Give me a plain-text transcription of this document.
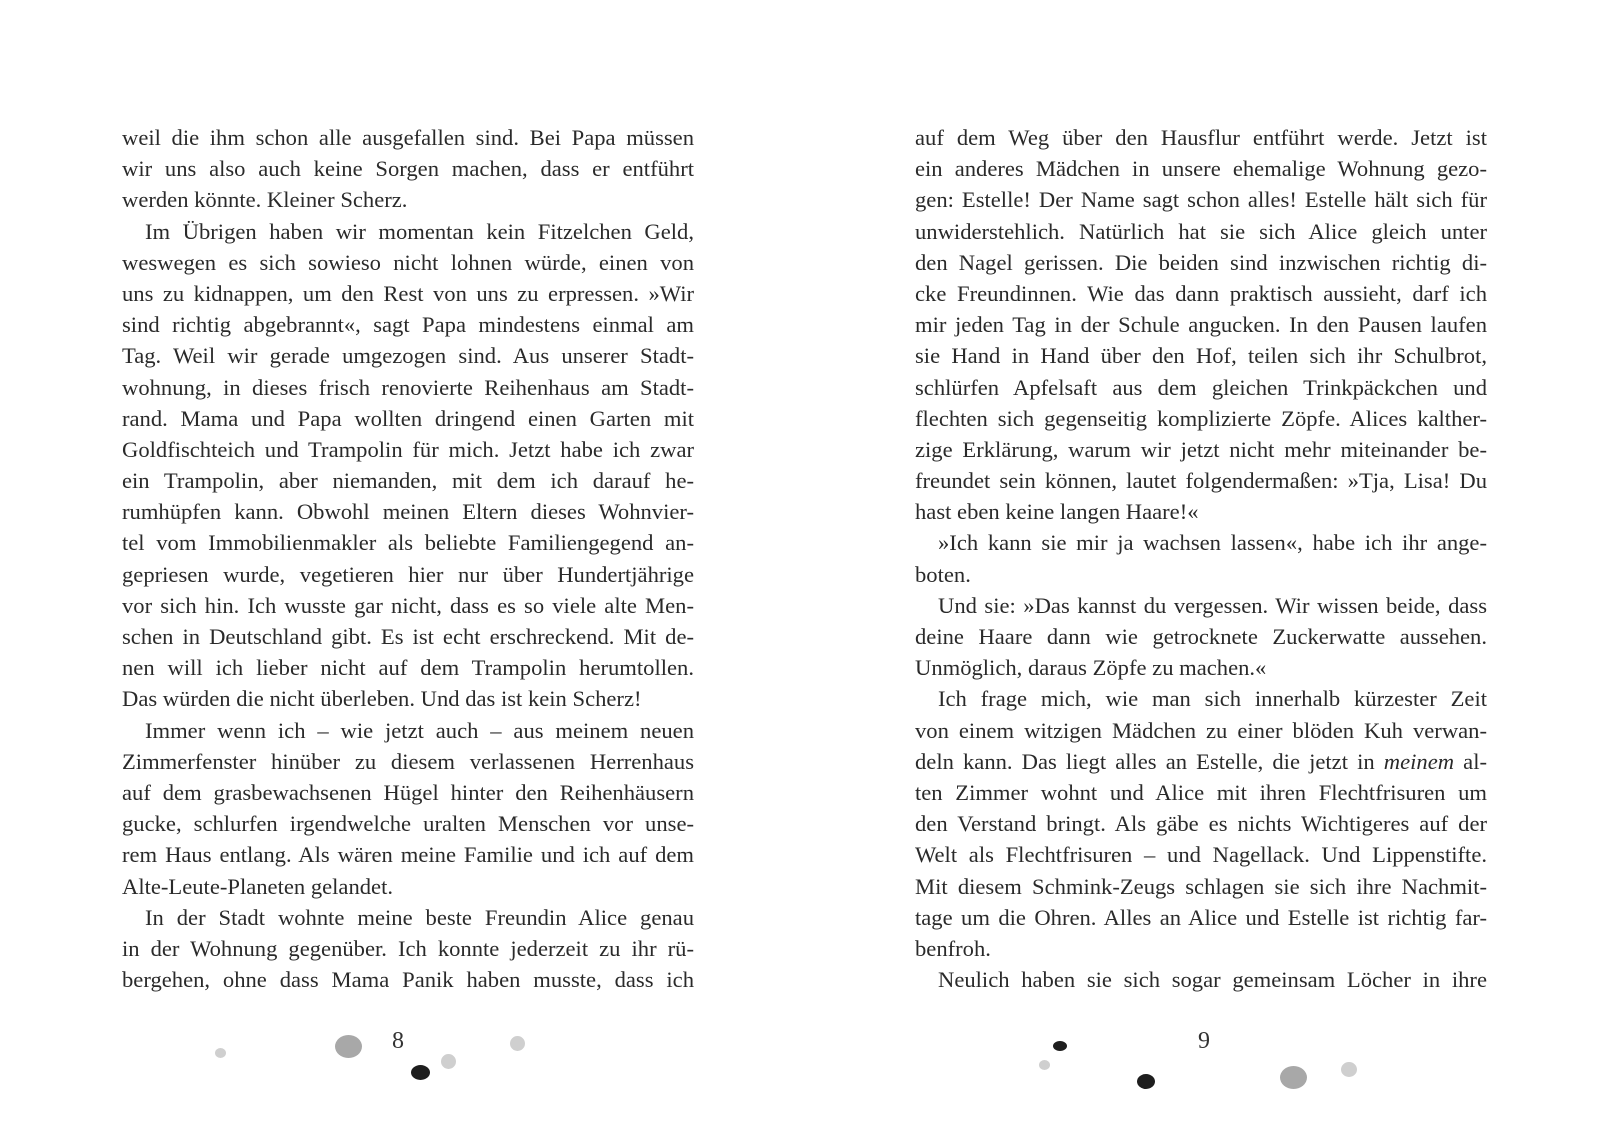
weil die ihm schon alle ausgefallen sind. Bei Papa müssen
wir uns also auch keine Sorgen machen, dass er entführt
werden könnte. Kleiner Scherz.
Im Übrigen haben wir momentan kein Fitzelchen Geld,
weswegen es sich sowieso nicht lohnen würde, einen von
uns zu kidnappen, um den Rest von uns zu erpressen. »Wir
sind richtig abgebrannt«, sagt Papa mindestens einmal am
Tag. Weil wir gerade umgezogen sind. Aus unserer Stadt-
wohnung, in dieses frisch renovierte Reihenhaus am Stadt-
rand. Mama und Papa wollten dringend einen Garten mit
Goldfischteich und Trampolin für mich. Jetzt habe ich zwar
ein Trampolin, aber niemanden, mit dem ich darauf he-
rumhüpfen kann. Obwohl meinen Eltern dieses Wohnvier-
tel vom Immobilienmakler als beliebte Familiengegend an-
gepriesen wurde, vegetieren hier nur über Hundertjährige
vor sich hin. Ich wusste gar nicht, dass es so viele alte Men-
schen in Deutschland gibt. Es ist echt erschreckend. Mit de-
nen will ich lieber nicht auf dem Trampolin herumtollen.
Das würden die nicht überleben. Und das ist kein Scherz!
Immer wenn ich – wie jetzt auch – aus meinem neuen
Zimmerfenster hinüber zu diesem verlassenen Herrenhaus
auf dem grasbewachsenen Hügel hinter den Reihenhäusern
gucke, schlurfen irgendwelche uralten Menschen vor unse-
rem Haus entlang. Als wären meine Familie und ich auf dem
Alte-Leute-Planeten gelandet.
In der Stadt wohnte meine beste Freundin Alice genau
in der Wohnung gegenüber. Ich konnte jederzeit zu ihr rü-
bergehen, ohne dass Mama Panik haben musste, dass ich
auf dem Weg über den Hausflur entführt werde. Jetzt ist
ein anderes Mädchen in unsere ehemalige Wohnung gezo-
gen: Estelle! Der Name sagt schon alles! Estelle hält sich für
unwiderstehlich. Natürlich hat sie sich Alice gleich unter
den Nagel gerissen. Die beiden sind inzwischen richtig di-
cke Freundinnen. Wie das dann praktisch aussieht, darf ich
mir jeden Tag in der Schule angucken. In den Pausen laufen
sie Hand in Hand über den Hof, teilen sich ihr Schulbrot,
schlürfen Apfelsaft aus dem gleichen Trinkpäckchen und
flechten sich gegenseitig komplizierte Zöpfe. Alices kalther-
zige Erklärung, warum wir jetzt nicht mehr miteinander be-
freundet sein können, lautet folgendermaßen: »Tja, Lisa! Du
hast eben keine langen Haare!«
»Ich kann sie mir ja wachsen lassen«, habe ich ihr ange-
boten.
Und sie: »Das kannst du vergessen. Wir wissen beide, dass
deine Haare dann wie getrocknete Zuckerwatte aussehen.
Unmöglich, daraus Zöpfe zu machen.«
Ich frage mich, wie man sich innerhalb kürzester Zeit
von einem witzigen Mädchen zu einer blöden Kuh verwan-
deln kann. Das liegt alles an Estelle, die jetzt in meinem al-
ten Zimmer wohnt und Alice mit ihren Flechtfrisuren um
den Verstand bringt. Als gäbe es nichts Wichtigeres auf der
Welt als Flechtfrisuren – und Nagellack. Und Lippenstifte.
Mit diesem Schmink-Zeugs schlagen sie sich ihre Nachmit-
tage um die Ohren. Alles an Alice und Estelle ist richtig far-
benfroh.
Neulich haben sie sich sogar gemeinsam Löcher in ihre
8	9
